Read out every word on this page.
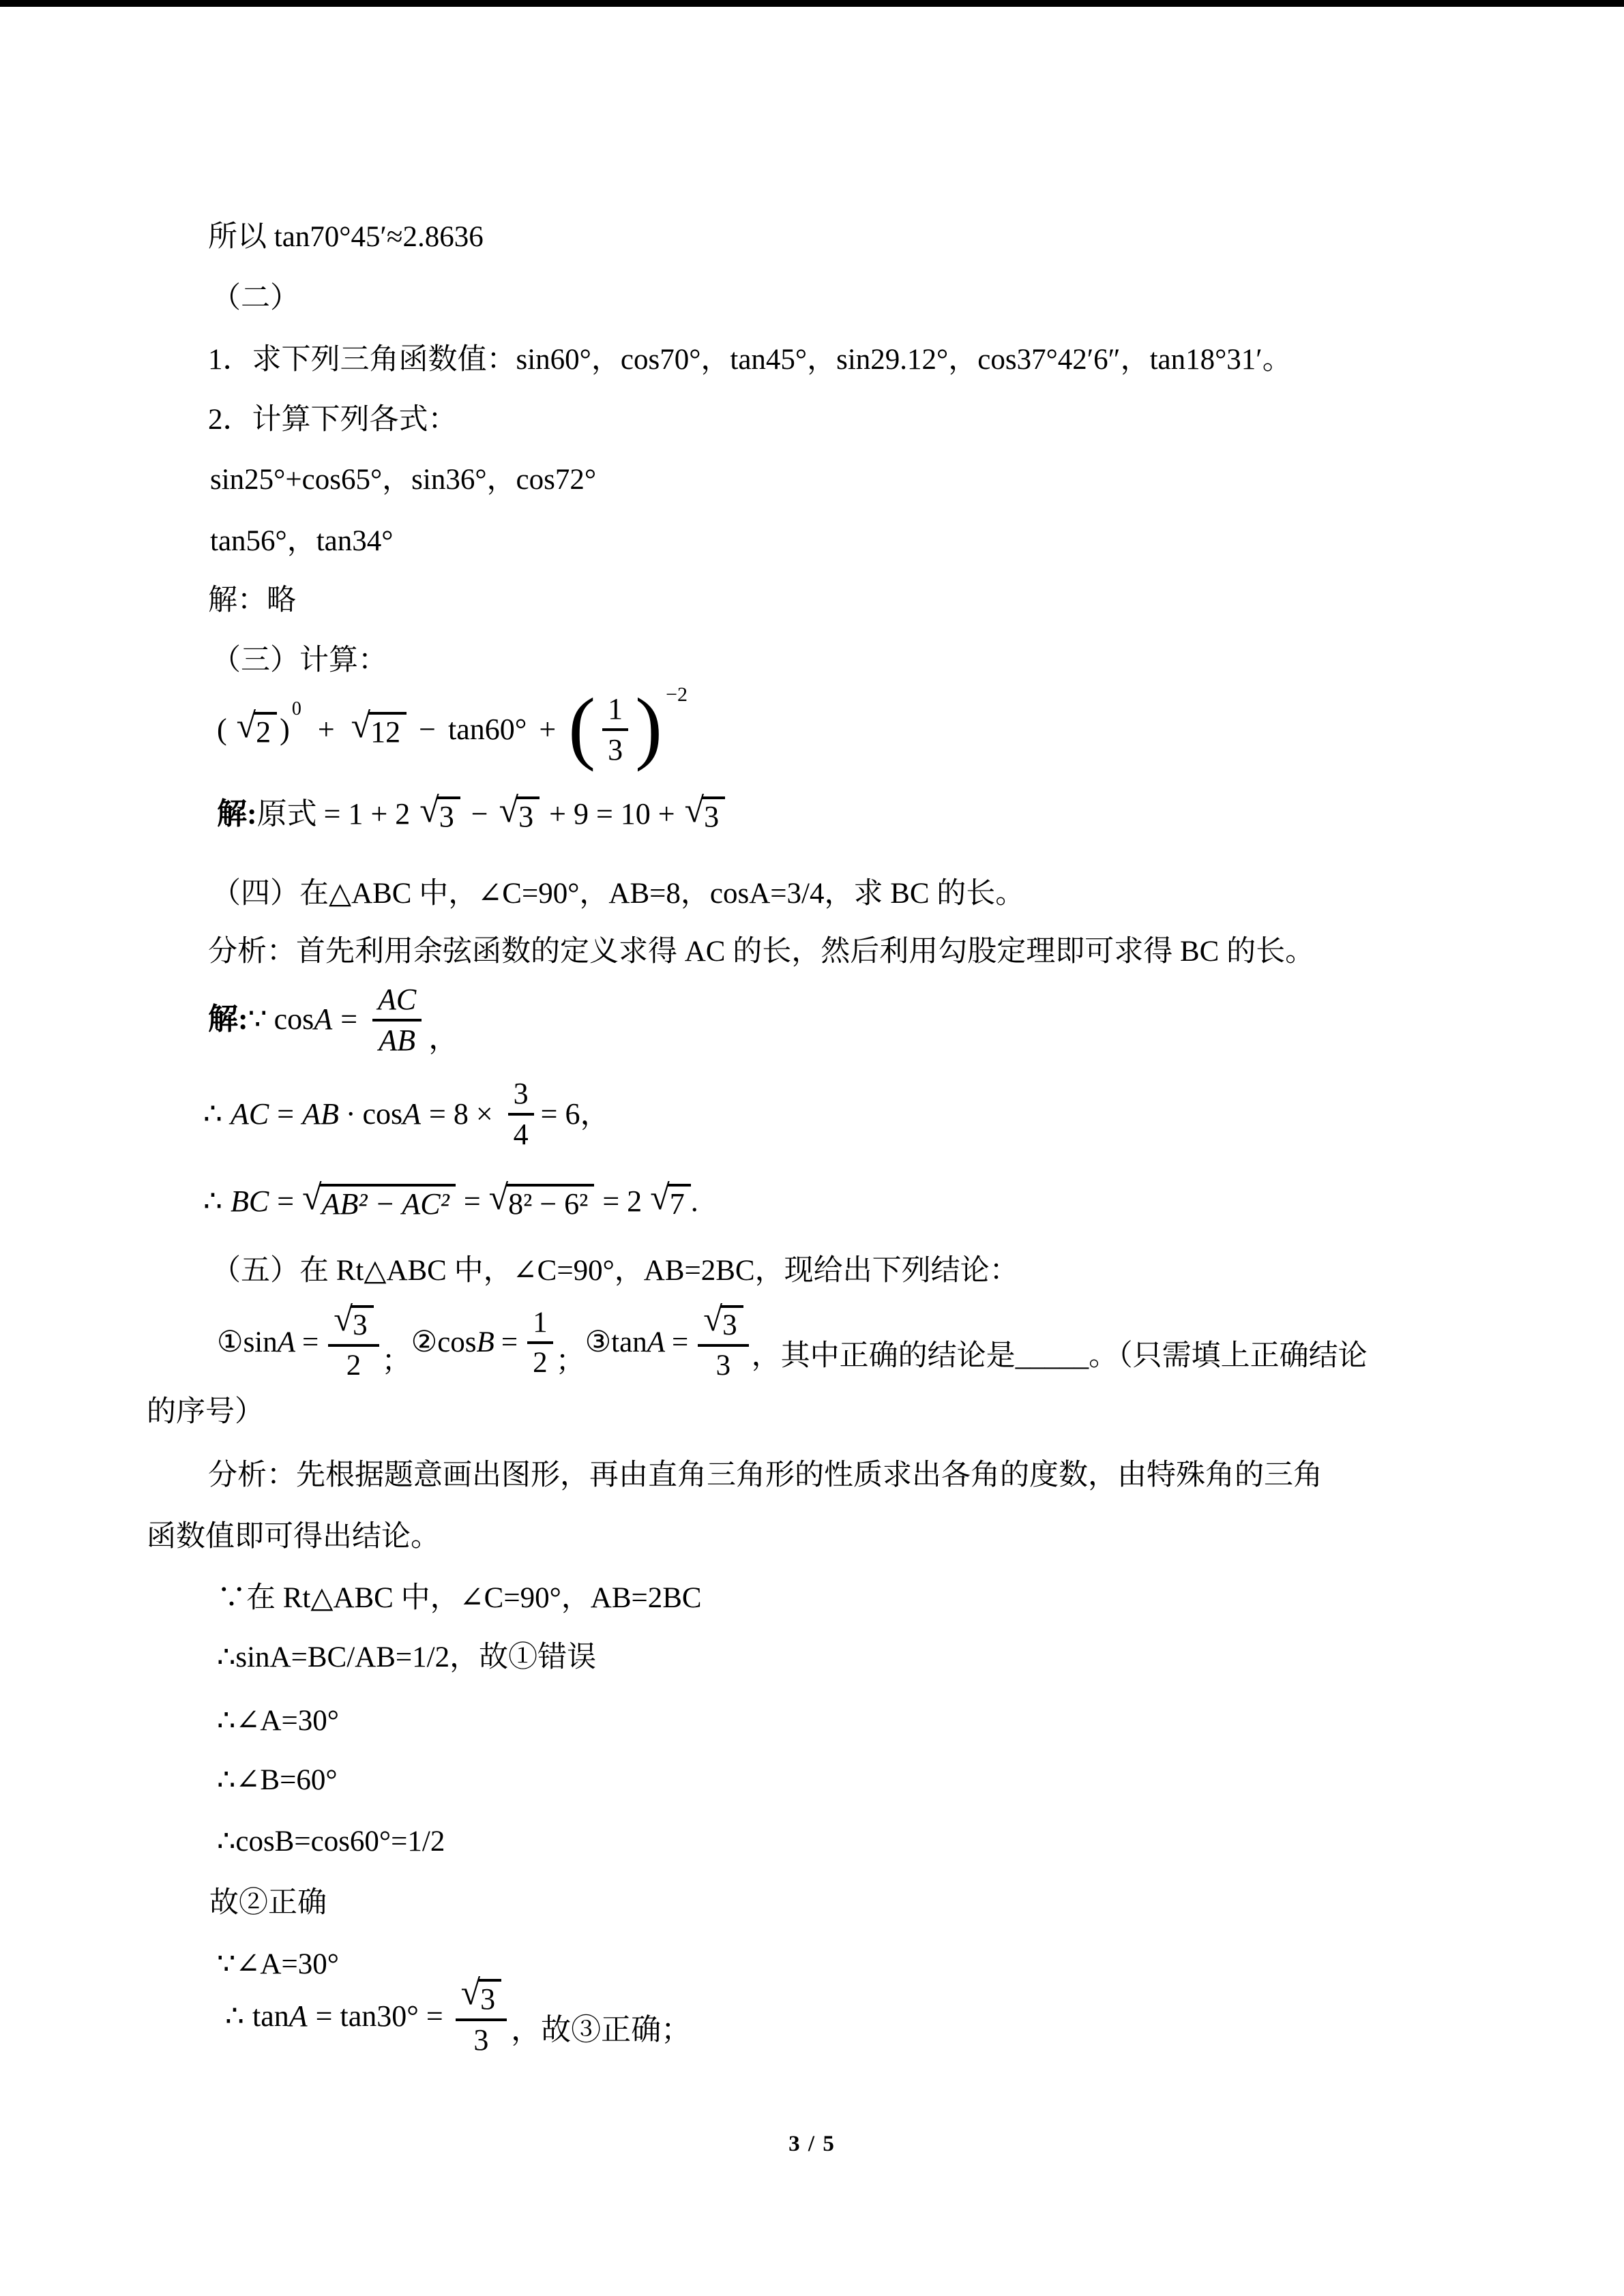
所以 tan70°45′≈2.8636
（二）
1．求下列三角函数值：sin60°，cos70°，tan45°，sin29.12°，cos37°42′6″，tan18°31′。
2．计算下列各式：
sin25°+cos65°，sin36°，cos72°
tan56°，tan34°
解：略
（三）计算：
( √ 2 )
0
+ √ 12 − tan60° + ( $\frac{1}{3}$ ) −2
解: 原式 = 1 + 2 √ 3 − √ 3 + 9 = 10 + √ 3
（四）在△ABC 中，∠C=90°，AB=8，cosA=3/4，求 BC 的长。
分析：首先利用余弦函数的定义求得 AC 的长，然后利用勾股定理即可求得 BC 的长。
解: ∵ $\cos A = \frac{AC}{AB}$ ，
∴ AC = AB · $\cos A = 8 \times \frac{3}{4} = 6$，
∴ BC = √ AB² − AC² = √ 8² − 6² = 2 √ 7 .
（五）在 Rt△ABC 中，∠C=90°，AB=2BC，现给出下列结论：
① $\sin A = \frac{√ 3}{2}$ ；
② $\cos B = \frac{1}{2}$ ；
③ $\tan A = \frac{√ 3}{3}$ ，其中正确的结论是_____。（只需填上正确结论
的序号）
分析：先根据题意画出图形，再由直角三角形的性质求出各角的度数，由特殊角的三角
函数值即可得出结论。
∵在 Rt△ABC 中，∠C=90°，AB=2BC
∴sinA=BC/AB=1/2，故①错误
∴∠A=30°
∴∠B=60°
∴cosB=cos60°=1/2
故②正确
∵∠A=30°
∴ $\tan A = \tan 30^\circ = \frac{√ 3}{3}$ ，故③正确；
3 / 5
